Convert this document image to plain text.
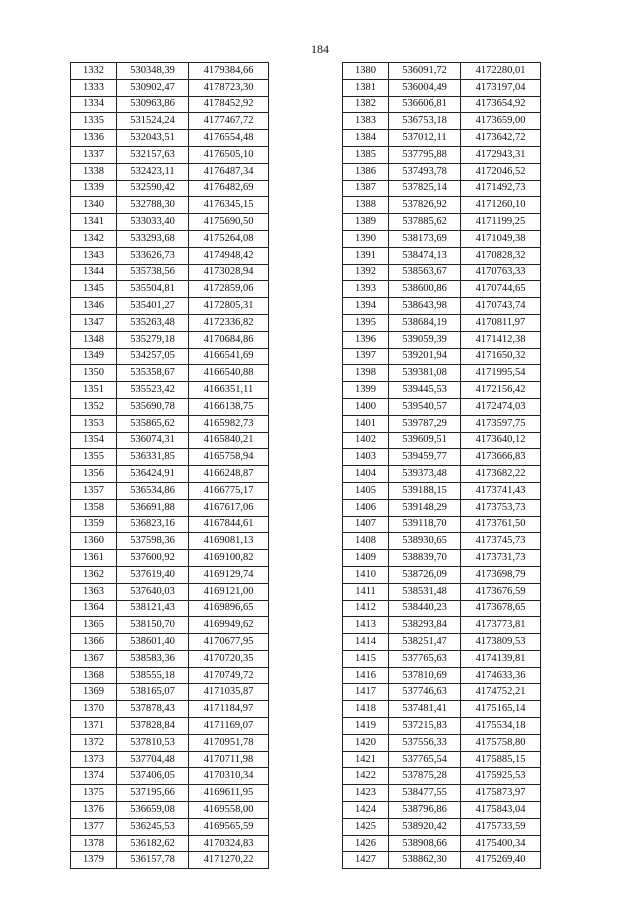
184
1332	530348,39	4179384,66
1333	530902,47	4178723,30
1334	530963,86	4178452,92
1335	531524,24	4177467,72
1336	532043,51	4176554,48
1337	532157,63	4176505,10
1338	532423,11	4176487,34
1339	532590,42	4176482,69
1340	532788,30	4176345,15
1341	533033,40	4175690,50
1342	533293,68	4175264,08
1343	533626,73	4174948,42
1344	535738,56	4173028,94
1345	535504,81	4172859,06
1346	535401,27	4172805,31
1347	535263,48	4172336,82
1348	535279,18	4170684,86
1349	534257,05	4166541,69
1350	535358,67	4166540,88
1351	535523,42	4166351,11
1352	535690,78	4166138,75
1353	535865,62	4165982,73
1354	536074,31	4165840,21
1355	536331,85	4165758,94
1356	536424,91	4166248,87
1357	536534,86	4166775,17
1358	536691,88	4167617,06
1359	536823,16	4167844,61
1360	537598,36	4169081,13
1361	537600,92	4169100,82
1362	537619,40	4169129,74
1363	537640,03	4169121,00
1364	538121,43	4169896,65
1365	538150,70	4169949,62
1366	538601,40	4170677,95
1367	538583,36	4170720,35
1368	538555,18	4170749,72
1369	538165,07	4171035,87
1370	537878,43	4171184,97
1371	537828,84	4171169,07
1372	537810,53	4170951,78
1373	537704,48	4170711,98
1374	537406,05	4170310,34
1375	537195,66	4169611,95
1376	536659,08	4169558,00
1377	536245,53	4169565,59
1378	536182,62	4170324,83
1379	536157,78	4171270,22
1380	536091,72	4172280,01
1381	536004,49	4173197,04
1382	536606,81	4173654,92
1383	536753,18	4173659,00
1384	537012,11	4173642,72
1385	537795,88	4172943,31
1386	537493,78	4172046,52
1387	537825,14	4171492,73
1388	537826,92	4171260,10
1389	537885,62	4171199,25
1390	538173,69	4171049,38
1391	538474,13	4170828,32
1392	538563,67	4170763,33
1393	538600,86	4170744,65
1394	538643,98	4170743,74
1395	538684,19	4170811,97
1396	539059,39	4171412,38
1397	539201,94	4171650,32
1398	539381,08	4171995,54
1399	539445,53	4172156,42
1400	539540,57	4172474,03
1401	539787,29	4173597,75
1402	539609,51	4173640,12
1403	539459,77	4173666,83
1404	539373,48	4173682,22
1405	539188,15	4173741,43
1406	539148,29	4173753,73
1407	539118,70	4173761,50
1408	538930,65	4173745,73
1409	538839,70	4173731,73
1410	538726,09	4173698,79
1411	538531,48	4173676,59
1412	538440,23	4173678,65
1413	538293,84	4173773,81
1414	538251,47	4173809,53
1415	537765,63	4174139,81
1416	537810,69	4174633,36
1417	537746,63	4174752,21
1418	537481,41	4175165,14
1419	537215,83	4175534,18
1420	537556,33	4175758,80
1421	537765,54	4175885,15
1422	537875,28	4175925,53
1423	538477,55	4175873,97
1424	538796,86	4175843,04
1425	538920,42	4175733,59
1426	538908,66	4175400,34
1427	538862,30	4175269,40
